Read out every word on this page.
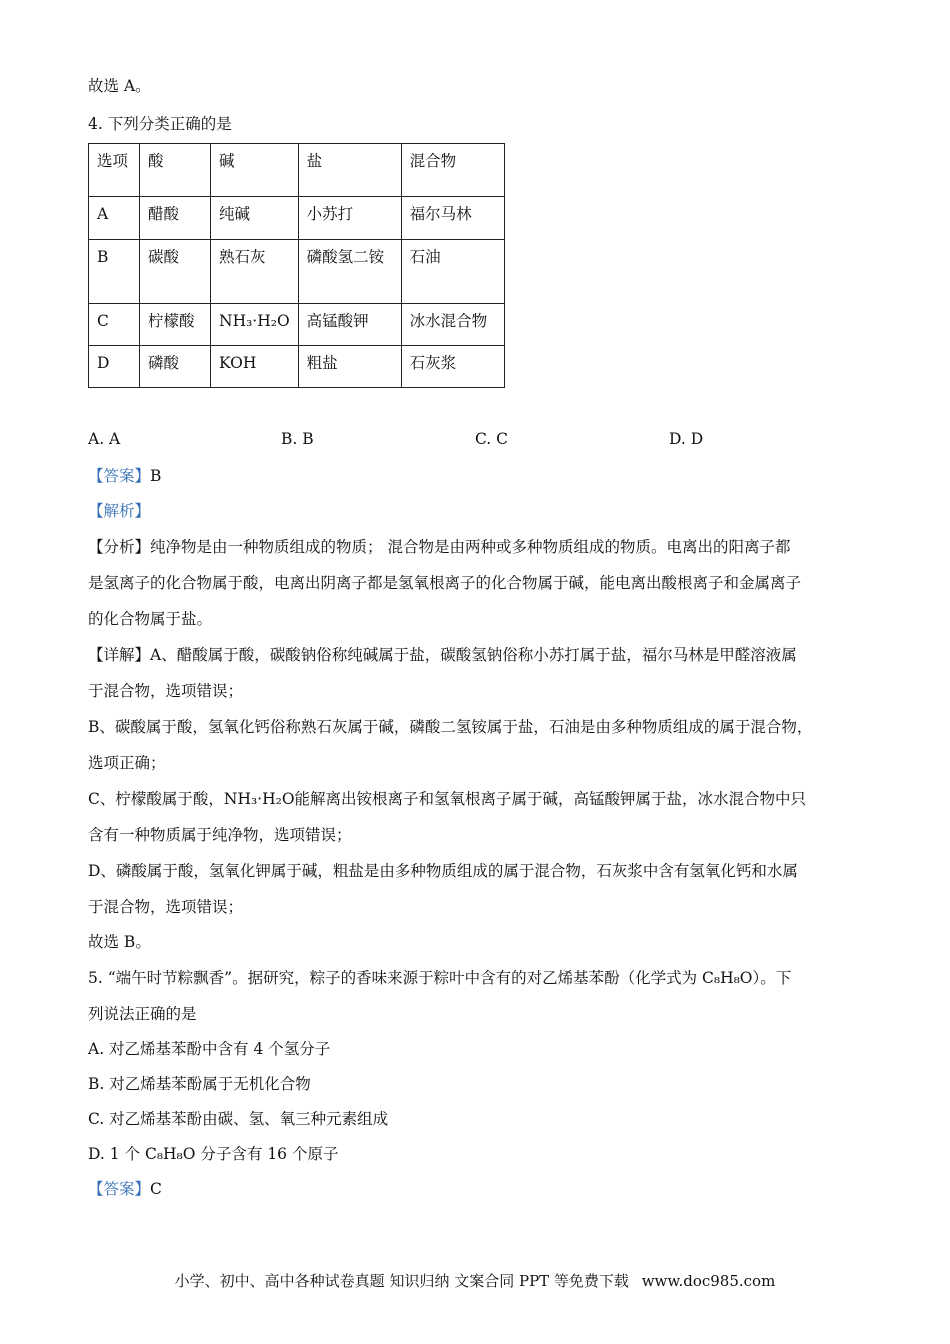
故选 A。
4. 下列分类正确的是
选项	酸	碱	盐	混合物
A	醋酸	纯碱	小苏打	福尔马林
B	碳酸	熟石灰	磷酸氢二铵	石油
C	柠檬酸	NH₃·H₂O	高锰酸钾	冰水混合物
D	磷酸	KOH	粗盐	石灰浆
A. A	B. B	C. C	D. D
【答案】B
【解析】
【分析】纯净物是由一种物质组成的物质； 混合物是由两种或多种物质组成的物质。电离出的阳离子都
是氢离子的化合物属于酸，电离出阴离子都是氢氧根离子的化合物属于碱，能电离出酸根离子和金属离子
的化合物属于盐。
【详解】A、醋酸属于酸，碳酸钠俗称纯碱属于盐，碳酸氢钠俗称小苏打属于盐，福尔马林是甲醛溶液属
于混合物，选项错误；
B、碳酸属于酸，氢氧化钙俗称熟石灰属于碱，磷酸二氢铵属于盐，石油是由多种物质组成的属于混合物，
选项正确；
C、柠檬酸属于酸，NH₃·H₂O能解离出铵根离子和氢氧根离子属于碱，高锰酸钾属于盐，冰水混合物中只
含有一种物质属于纯净物，选项错误；
D、磷酸属于酸，氢氧化钾属于碱，粗盐是由多种物质组成的属于混合物，石灰浆中含有氢氧化钙和水属
于混合物，选项错误；
故选 B。
5. “端午时节粽飘香”。据研究，粽子的香味来源于粽叶中含有的对乙烯基苯酚（化学式为 C₈H₈O）。下
列说法正确的是
A. 对乙烯基苯酚中含有 4 个氢分子
B. 对乙烯基苯酚属于无机化合物
C. 对乙烯基苯酚由碳、氢、氧三种元素组成
D. 1 个 C₈H₈O 分子含有 16 个原子
【答案】C
小学、初中、高中各种试卷真题 知识归纳 文案合同 PPT 等免费下载 www.doc985.com
